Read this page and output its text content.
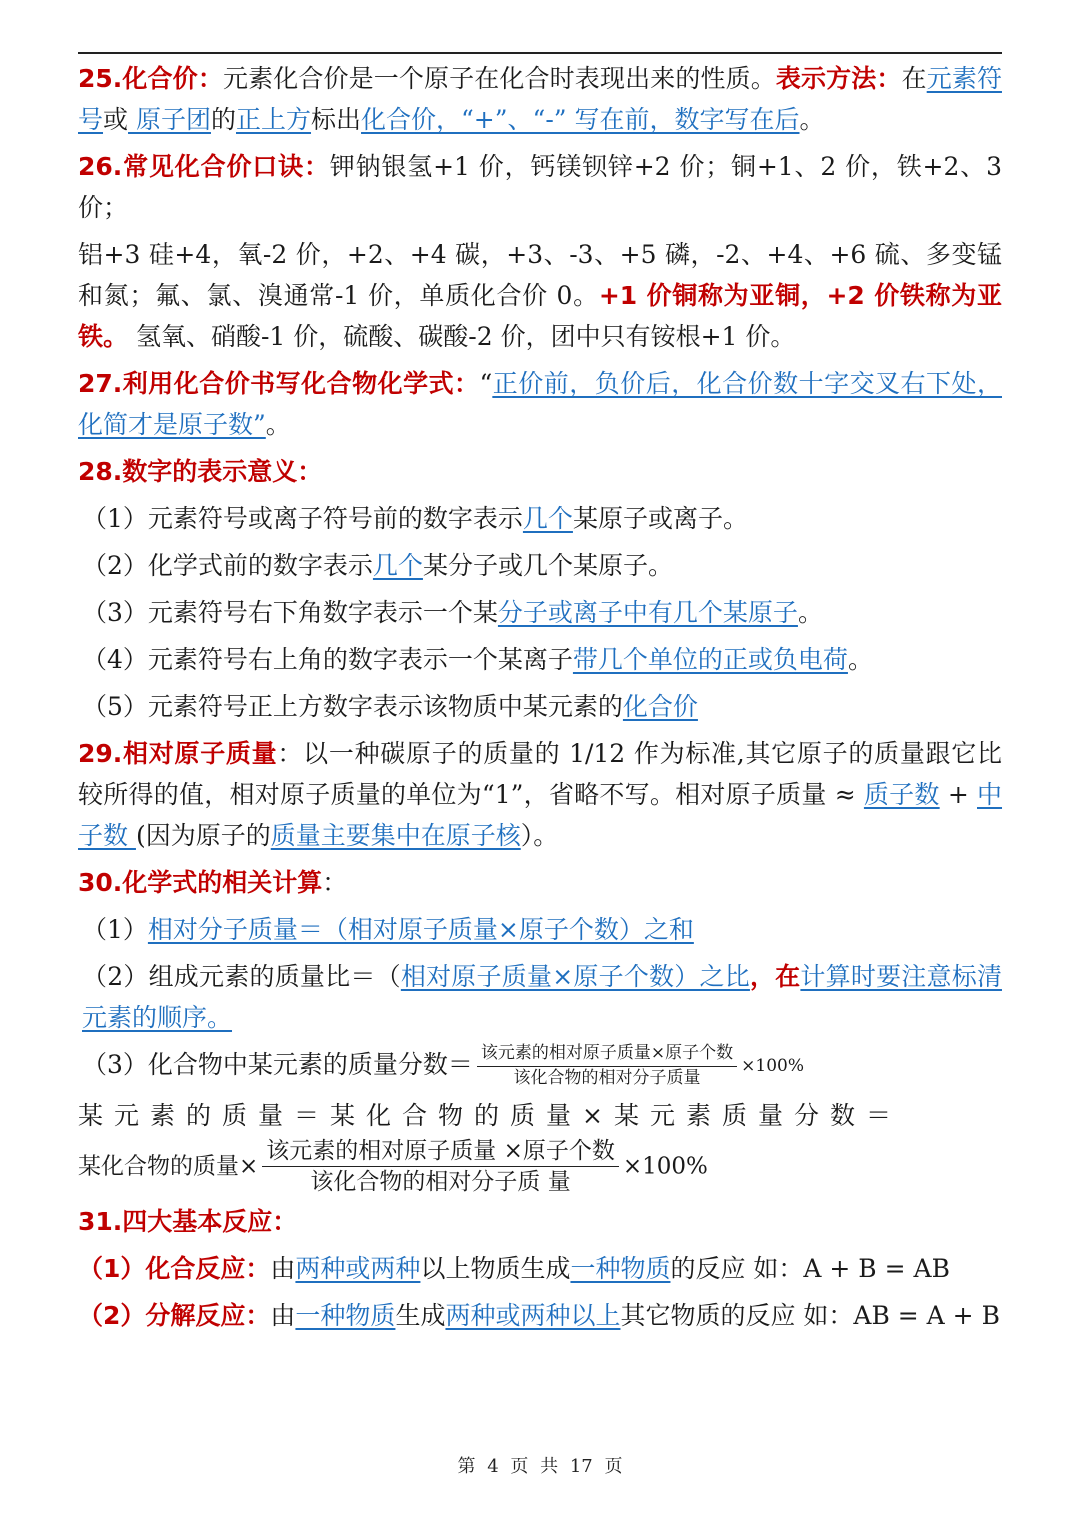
25.化合价：元素化合价是一个原子在化合时表现出来的性质。表示方法：在元素符号或 原子团的正上方标出化合价，“+”、“-” 写在前，数字写在后。

26.常见化合价口诀：钾钠银氢+1 价，钙镁钡锌+2 价；铜+1、2 价，铁+2、3 价；

铝+3 硅+4，氧-2 价，+2、+4 碳，+3、-3、+5 磷，-2、+4、+6 硫、多变锰和氮；氟、氯、溴通常-1 价，单质化合价 0。+1 价铜称为亚铜，+2 价铁称为亚铁。 氢氧、硝酸-1 价，硫酸、碳酸-2 价，团中只有铵根+1 价。

27.利用化合价书写化合物化学式：“正价前，负价后，化合价数十字交叉右下处，化简才是原子数”。

28.数字的表示意义：

（1）元素符号或离子符号前的数字表示几个某原子或离子。

（2）化学式前的数字表示几个某分子或几个某原子。

（3）元素符号右下角数字表示一个某分子或离子中有几个某原子。

（4）元素符号右上角的数字表示一个某离子带几个单位的正或负电荷。

（5）元素符号正上方数字表示该物质中某元素的化合价

29.相对原子质量：以一种碳原子的质量的 1/12 作为标准,其它原子的质量跟它比较所得的值，相对原子质量的单位为“1”，省略不写。相对原子质量 ≈ 质子数 + 中子数 (因为原子的质量主要集中在原子核）。

30.化学式的相关计算：

（1）相对分子质量＝（相对原子质量×原子个数）之和

（2）组成元素的质量比＝（相对原子质量×原子个数）之比，在计算时要注意标清元素的顺序。

（3）化合物中某元素的质量分数＝ $\frac{\text{该元素的相对原子质量×原子个数}}{\text{该化合物的相对分子质量}} \times 100\%$

某元素的质量＝某化合物的质量×某元素质量分数＝

某化合物的质量× $\frac{\text{该元素的相对原子质量 ×原子个数}}{\text{该化合物的相对分子质 量}} \times 100\%$

31.四大基本反应：

（1）化合反应：由两种或两种以上物质生成一种物质的反应 如：A + B = AB

（2）分解反应：由一种物质生成两种或两种以上其它物质的反应 如：AB = A + B

第 4 页 共 17 页
